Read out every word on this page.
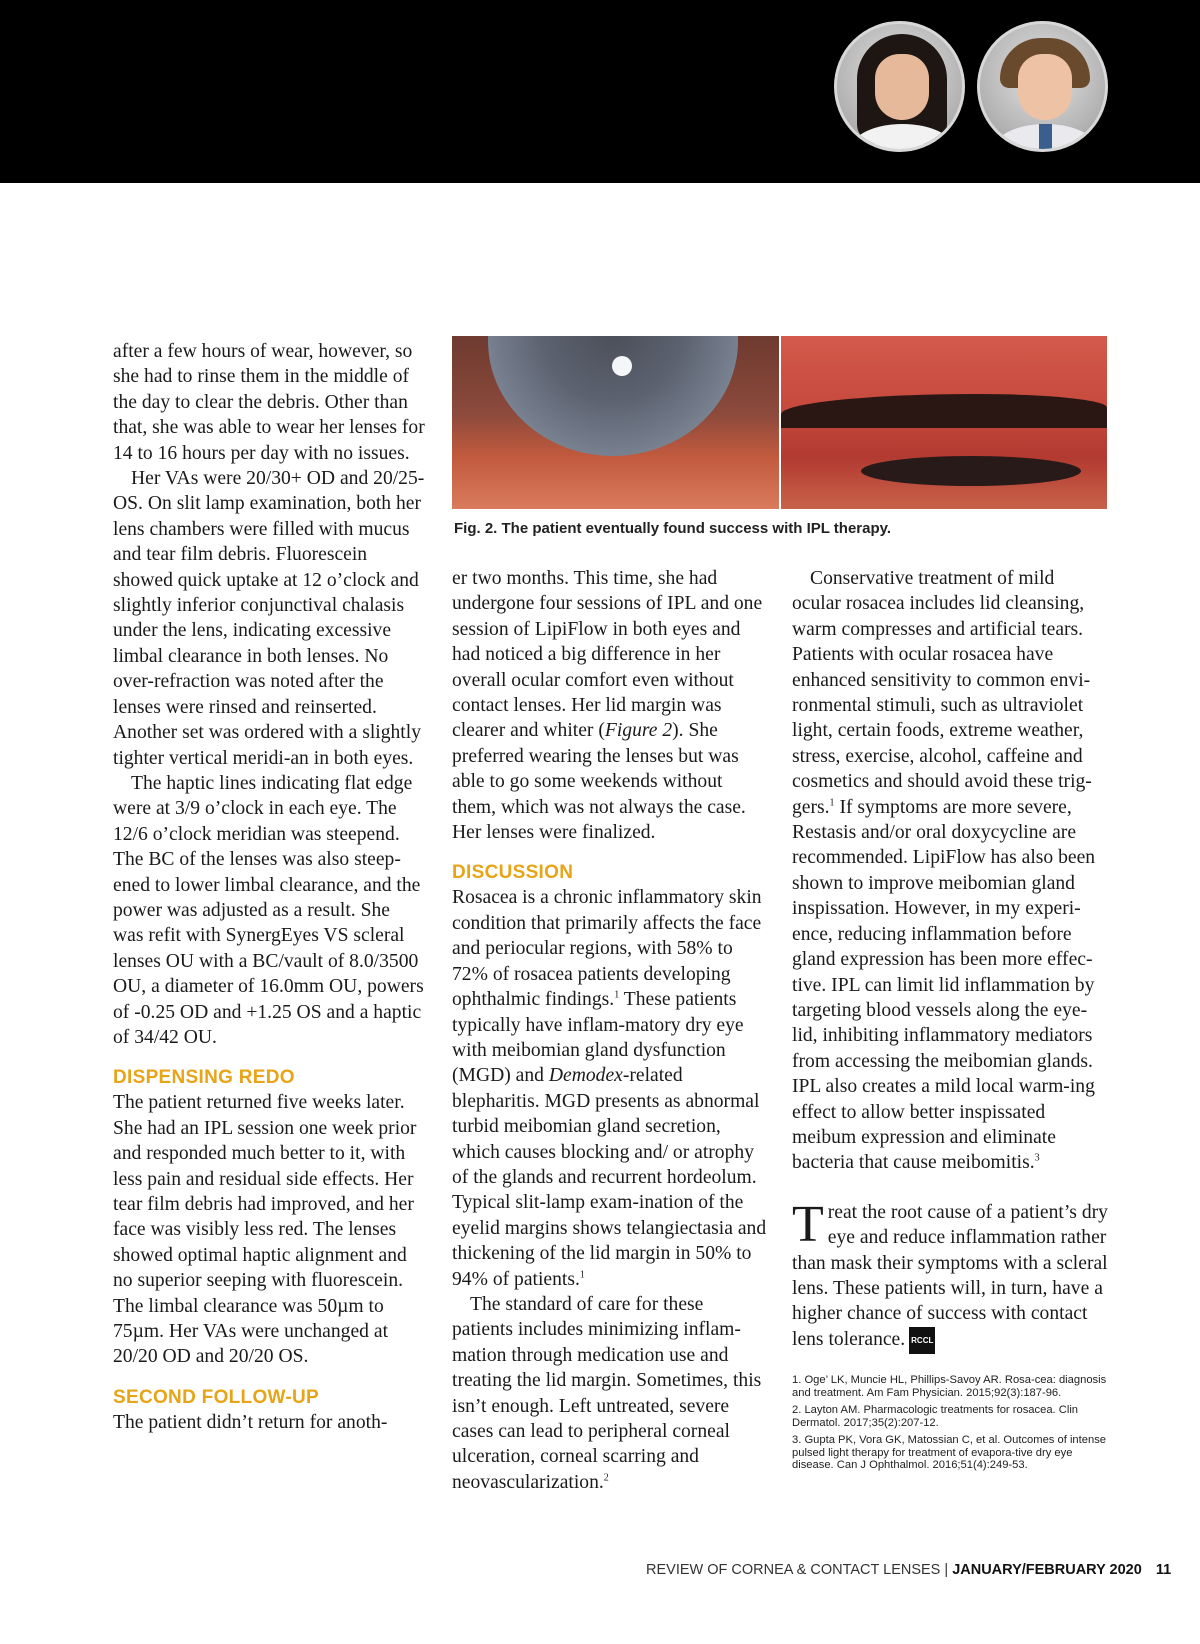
after a few hours of wear, however, so she had to rinse them in the middle of the day to clear the debris. Other than that, she was able to wear her lenses for 14 to 16 hours per day with no issues.

Her VAs were 20/30+ OD and 20/25- OS. On slit lamp examination, both her lens chambers were filled with mucus and tear film debris. Fluorescein showed quick uptake at 12 o’clock and slightly inferior conjunctival chalasis under the lens, indicating excessive limbal clearance in both lenses. No over-refraction was noted after the lenses were rinsed and reinserted. Another set was ordered with a slightly tighter vertical meridi-an in both eyes.

The haptic lines indicating flat edge were at 3/9 o’clock in each eye. The 12/6 o’clock meridian was steepend. The BC of the lenses was also steep-ened to lower limbal clearance, and the power was adjusted as a result. She was refit with SynergEyes VS scleral lenses OU with a BC/vault of 8.0/3500 OU, a diameter of 16.0mm OU, powers of -0.25 OD and +1.25 OS and a haptic of 34/42 OU.

DISPENSING REDO

The patient returned five weeks later. She had an IPL session one week prior and responded much better to it, with less pain and residual side effects. Her tear film debris had improved, and her face was visibly less red. The lenses showed optimal haptic alignment and no superior seeping with fluorescein. The limbal clearance was 50µm to 75µm. Her VAs were unchanged at 20/20 OD and 20/20 OS.

SECOND FOLLOW-UP

The patient didn’t return for anoth-

Fig. 2. The patient eventually found success with IPL therapy.

er two months. This time, she had undergone four sessions of IPL and one session of LipiFlow in both eyes and had noticed a big difference in her overall ocular comfort even without contact lenses. Her lid margin was clearer and whiter (Figure 2). She preferred wearing the lenses but was able to go some weekends without them, which was not always the case. Her lenses were finalized.

DISCUSSION

Rosacea is a chronic inflammatory skin condition that primarily affects the face and periocular regions, with 58% to 72% of rosacea patients developing ophthalmic findings.$^1$ These patients typically have inflam-matory dry eye with meibomian gland dysfunction (MGD) and Demodex-related blepharitis. MGD presents as abnormal turbid meibomian gland secretion, which causes blocking and/ or atrophy of the glands and recurrent hordeolum. Typical slit-lamp exam-ination of the eyelid margins shows telangiectasia and thickening of the lid margin in 50% to 94% of patients.$^1$

The standard of care for these patients includes minimizing inflam-mation through medication use and treating the lid margin. Sometimes, this isn’t enough. Left untreated, severe cases can lead to peripheral corneal ulceration, corneal scarring and neovascularization.$^2$

Conservative treatment of mild ocular rosacea includes lid cleansing, warm compresses and artificial tears. Patients with ocular rosacea have enhanced sensitivity to common envi-ronmental stimuli, such as ultraviolet light, certain foods, extreme weather, stress, exercise, alcohol, caffeine and cosmetics and should avoid these trig-gers.$^1$ If symptoms are more severe, Restasis and/or oral doxycycline are recommended. LipiFlow has also been shown to improve meibomian gland inspissation. However, in my experi-ence, reducing inflammation before gland expression has been more effec-tive. IPL can limit lid inflammation by targeting blood vessels along the eye-lid, inhibiting inflammatory mediators from accessing the meibomian glands. IPL also creates a mild local warm-ing effect to allow better inspissated meibum expression and eliminate bacteria that cause meibomitis.$^3$

Treat the root cause of a patient’s dry eye and reduce inflammation rather than mask their symptoms with a scleral lens. These patients will, in turn, have a higher chance of success with contact lens tolerance. RCCL
1. Oge’ LK, Muncie HL, Phillips-Savoy AR. Rosa-cea: diagnosis and treatment. Am Fam Physician. 2015;92(3):187-96.
2. Layton AM. Pharmacologic treatments for rosacea. Clin Dermatol. 2017;35(2):207-12.
3. Gupta PK, Vora GK, Matossian C, et al. Outcomes of intense pulsed light therapy for treatment of evapora-tive dry eye disease. Can J Ophthalmol. 2016;51(4):249-53.
REVIEW OF CORNEA & CONTACT LENSES | JANUARY/FEBRUARY 2020 11
